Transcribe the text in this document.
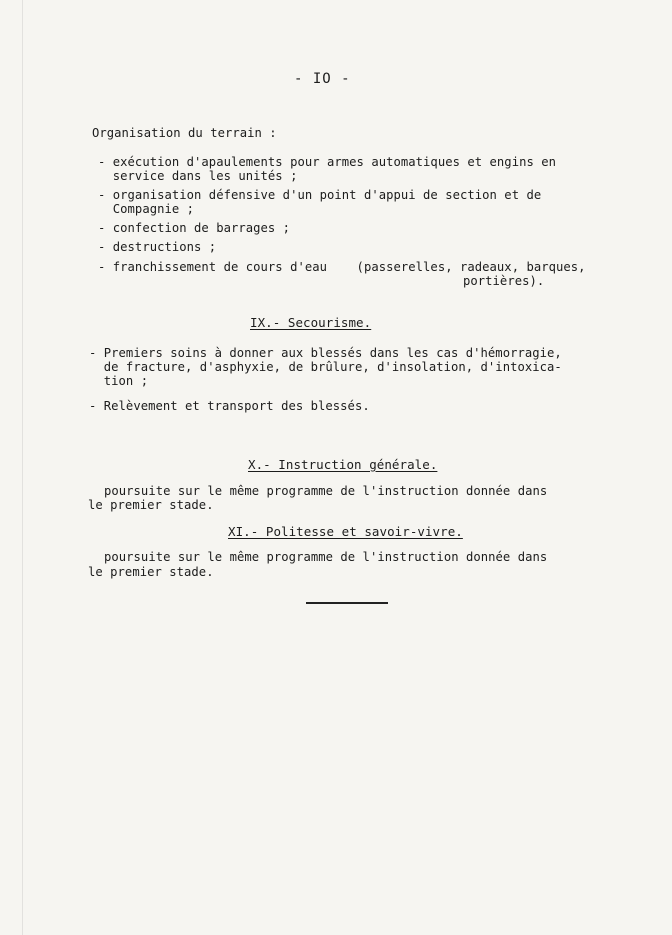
- IO -

Organisation du terrain :

- exécution d'apaulements pour armes automatiques et engins en

service dans les unités ;

- organisation défensive d'un point d'appui de section et de

Compagnie ;

- confection de barrages ;

- destructions ;

- franchissement de cours d'eau    (passerelles, radeaux, barques,

portières).

IX.- Secourisme.

- Premiers soins à donner aux blessés dans les cas d'hémorragie,

de fracture, d'asphyxie, de brûlure, d'insolation, d'intoxica-

tion ;

- Relèvement et transport des blessés.

X.- Instruction générale.

poursuite sur le même programme de l'instruction donnée dans

le premier stade.

XI.- Politesse et savoir-vivre.

poursuite sur le même programme de l'instruction donnée dans

le premier stade.
